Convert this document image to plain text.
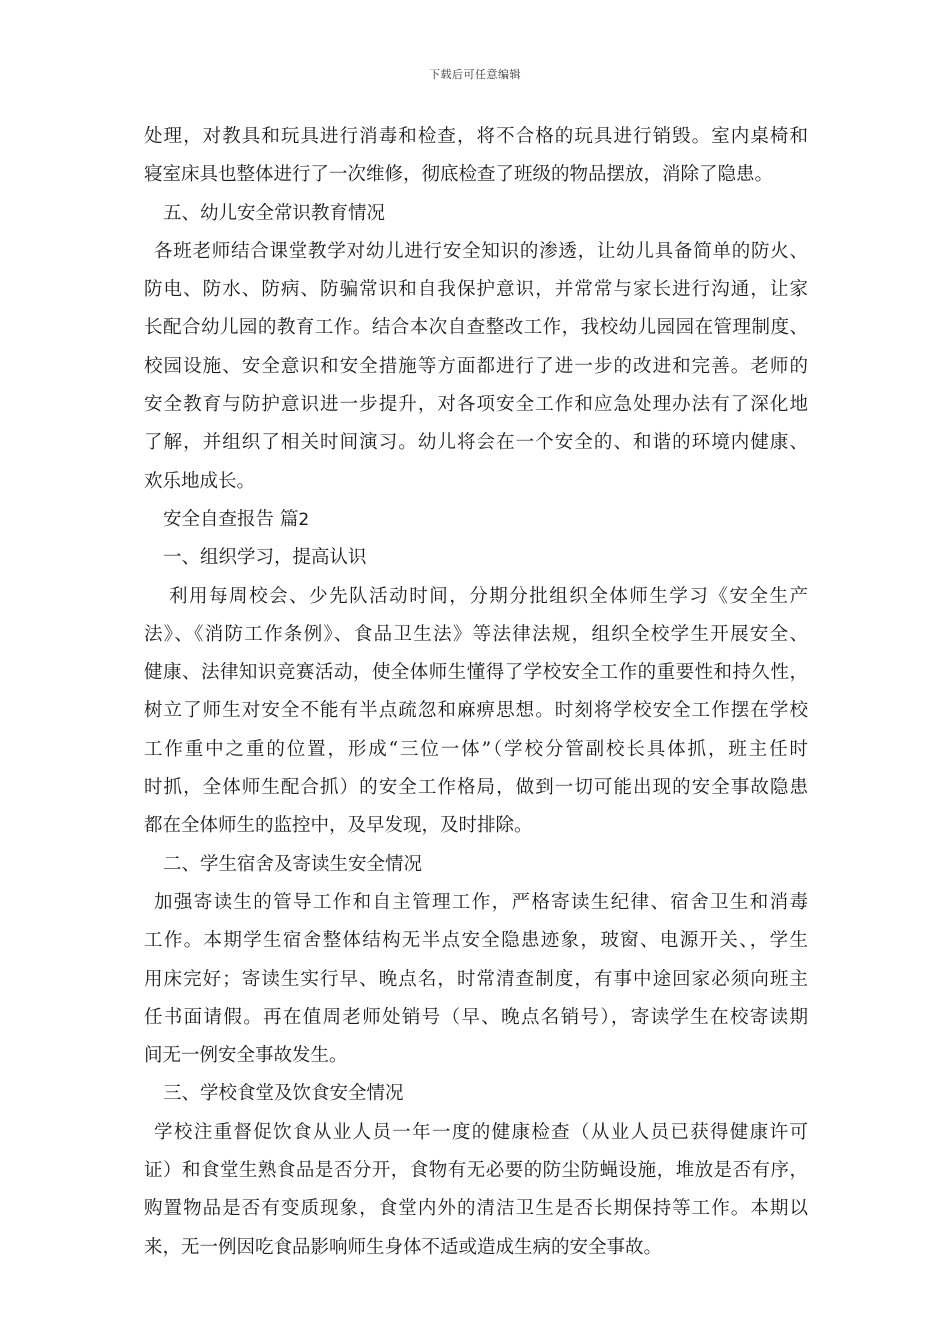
下载后可任意编辑
处理，对教具和玩具进行消毒和检查，将不合格的玩具进行销毁。室内桌椅和
寝室床具也整体进行了一次维修，彻底检查了班级的物品摆放，消除了隐患。
五、幼儿安全常识教育情况
各班老师结合课堂教学对幼儿进行安全知识的渗透，让幼儿具备简单的防火、
防电、防水、防病、防骗常识和自我保护意识，并常常与家长进行沟通，让家
长配合幼儿园的教育工作。结合本次自查整改工作，我校幼儿园园在管理制度、
校园设施、安全意识和安全措施等方面都进行了进一步的改进和完善。老师的
安全教育与防护意识进一步提升，对各项安全工作和应急处理办法有了深化地
了解，并组织了相关时间演习。幼儿将会在一个安全的、和谐的环境内健康、
欢乐地成长。
安全自查报告 篇2
一、组织学习，提高认识
利用每周校会、少先队活动时间，分期分批组织全体师生学习《安全生产
法》、《消防工作条例》、食品卫生法》等法律法规，组织全校学生开展安全、
健康、法律知识竞赛活动，使全体师生懂得了学校安全工作的重要性和持久性，
树立了师生对安全不能有半点疏忽和麻痹思想。时刻将学校安全工作摆在学校
工作重中之重的位置，形成“三位一体”（学校分管副校长具体抓，班主任时
时抓，全体师生配合抓）的安全工作格局，做到一切可能出现的安全事故隐患
都在全体师生的监控中，及早发现，及时排除。
二、学生宿舍及寄读生安全情况
加强寄读生的管导工作和自主管理工作，严格寄读生纪律、宿舍卫生和消毒
工作。本期学生宿舍整体结构无半点安全隐患迹象，玻窗、电源开关、，学生
用床完好；寄读生实行早、晚点名，时常清查制度，有事中途回家必须向班主
任书面请假。再在值周老师处销号（早、晚点名销号），寄读学生在校寄读期
间无一例安全事故发生。
三、学校食堂及饮食安全情况
学校注重督促饮食从业人员一年一度的健康检查（从业人员已获得健康许可
证）和食堂生熟食品是否分开，食物有无必要的防尘防蝇设施，堆放是否有序，
购置物品是否有变质现象，食堂内外的清洁卫生是否长期保持等工作。本期以
来，无一例因吃食品影响师生身体不适或造成生病的安全事故。
